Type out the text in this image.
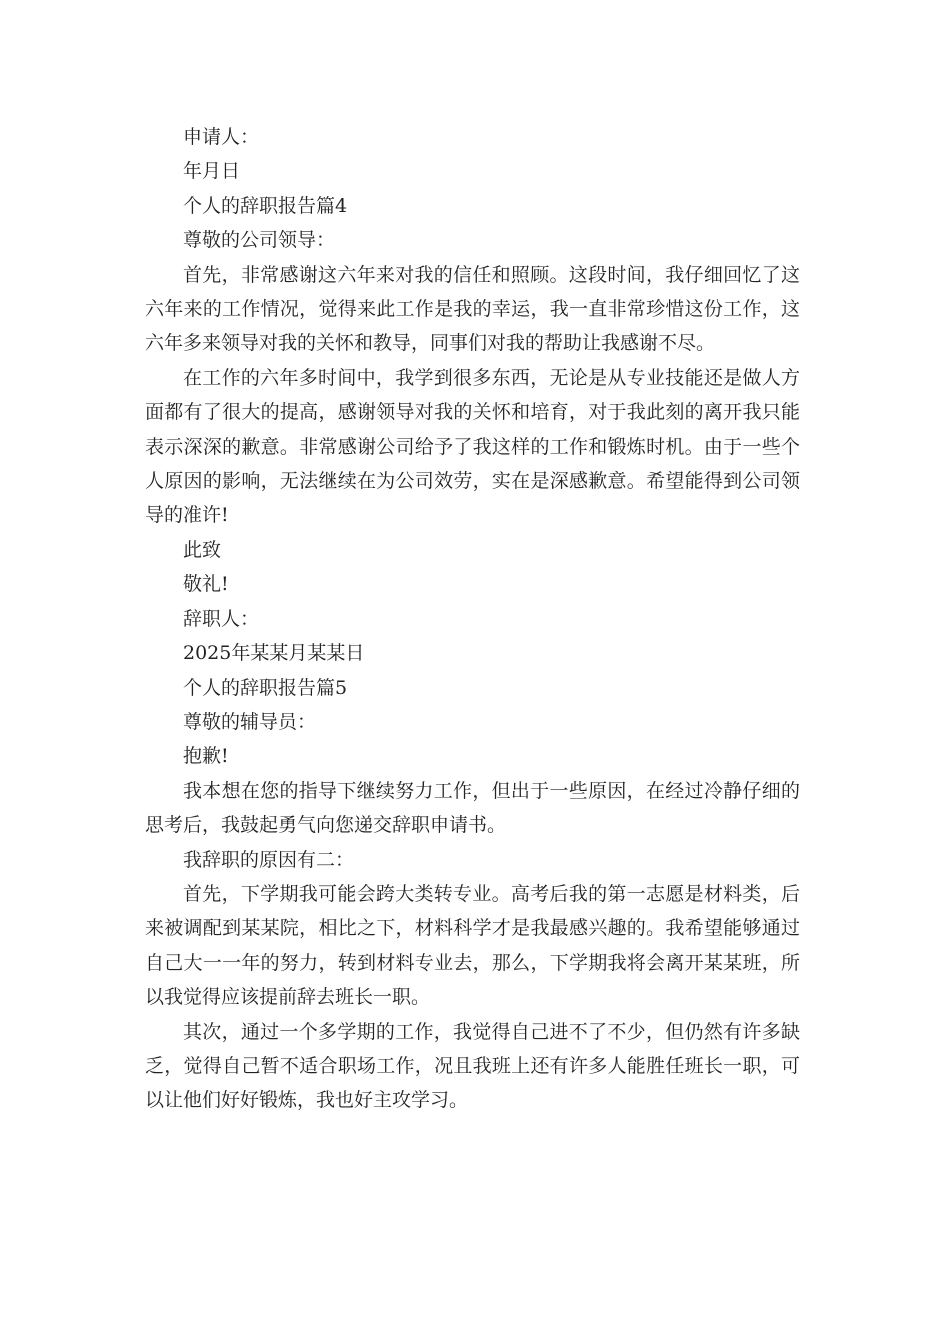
申请人：

年月日

个人的辞职报告篇4

尊敬的公司领导：

首先，非常感谢这六年来对我的信任和照顾。这段时间，我仔细回忆了这六年来的工作情况，觉得来此工作是我的幸运，我一直非常珍惜这份工作，这六年多来领导对我的关怀和教导，同事们对我的帮助让我感谢不尽。

在工作的六年多时间中，我学到很多东西，无论是从专业技能还是做人方面都有了很大的提高，感谢领导对我的关怀和培育，对于我此刻的离开我只能表示深深的歉意。非常感谢公司给予了我这样的工作和锻炼时机。由于一些个人原因的影响，无法继续在为公司效劳，实在是深感歉意。希望能得到公司领导的准许!

此致

敬礼!

辞职人：

2025年某某月某某日

个人的辞职报告篇5

尊敬的辅导员：

抱歉!

我本想在您的指导下继续努力工作，但出于一些原因，在经过冷静仔细的思考后，我鼓起勇气向您递交辞职申请书。

我辞职的原因有二：

首先，下学期我可能会跨大类转专业。高考后我的第一志愿是材料类，后来被调配到某某院，相比之下，材料科学才是我最感兴趣的。我希望能够通过自己大一一年的努力，转到材料专业去，那么，下学期我将会离开某某班，所以我觉得应该提前辞去班长一职。

其次，通过一个多学期的工作，我觉得自己进不了不少，但仍然有许多缺乏，觉得自己暂不适合职场工作，况且我班上还有许多人能胜任班长一职，可以让他们好好锻炼，我也好主攻学习。
